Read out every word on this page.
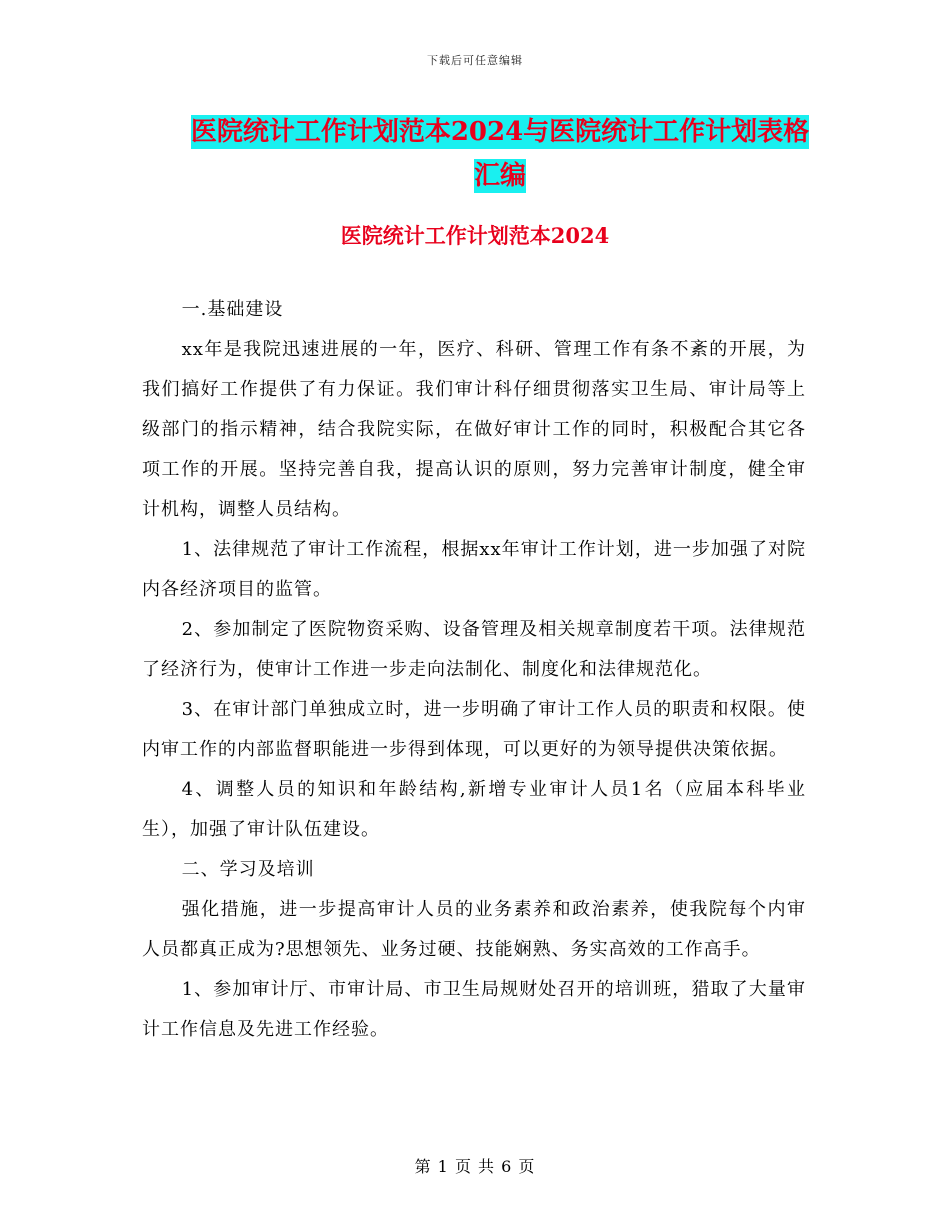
下载后可任意编辑
医院统计工作计划范本2024与医院统计工作计划表格
汇编
医院统计工作计划范本2024

一.基础建设

xx年是我院迅速进展的一年，医疗、科研、管理工作有条不紊的开展，为我们搞好工作提供了有力保证。我们审计科仔细贯彻落实卫生局、审计局等上级部门的指示精神，结合我院实际，在做好审计工作的同时，积极配合其它各项工作的开展。坚持完善自我，提高认识的原则，努力完善审计制度，健全审计机构，调整人员结构。

1、法律规范了审计工作流程，根据xx年审计工作计划，进一步加强了对院内各经济项目的监管。

2、参加制定了医院物资采购、设备管理及相关规章制度若干项。法律规范了经济行为，使审计工作进一步走向法制化、制度化和法律规范化。

3、在审计部门单独成立时，进一步明确了审计工作人员的职责和权限。使内审工作的内部监督职能进一步得到体现，可以更好的为领导提供决策依据。

4、调整人员的知识和年龄结构,新增专业审计人员1名（应届本科毕业生），加强了审计队伍建设。

二、学习及培训

强化措施，进一步提高审计人员的业务素养和政治素养，使我院每个内审人员都真正成为?思想领先、业务过硬、技能娴熟、务实高效的工作高手。

1、参加审计厅、市审计局、市卫生局规财处召开的培训班，猎取了大量审计工作信息及先进工作经验。

第 1 页 共 6 页
